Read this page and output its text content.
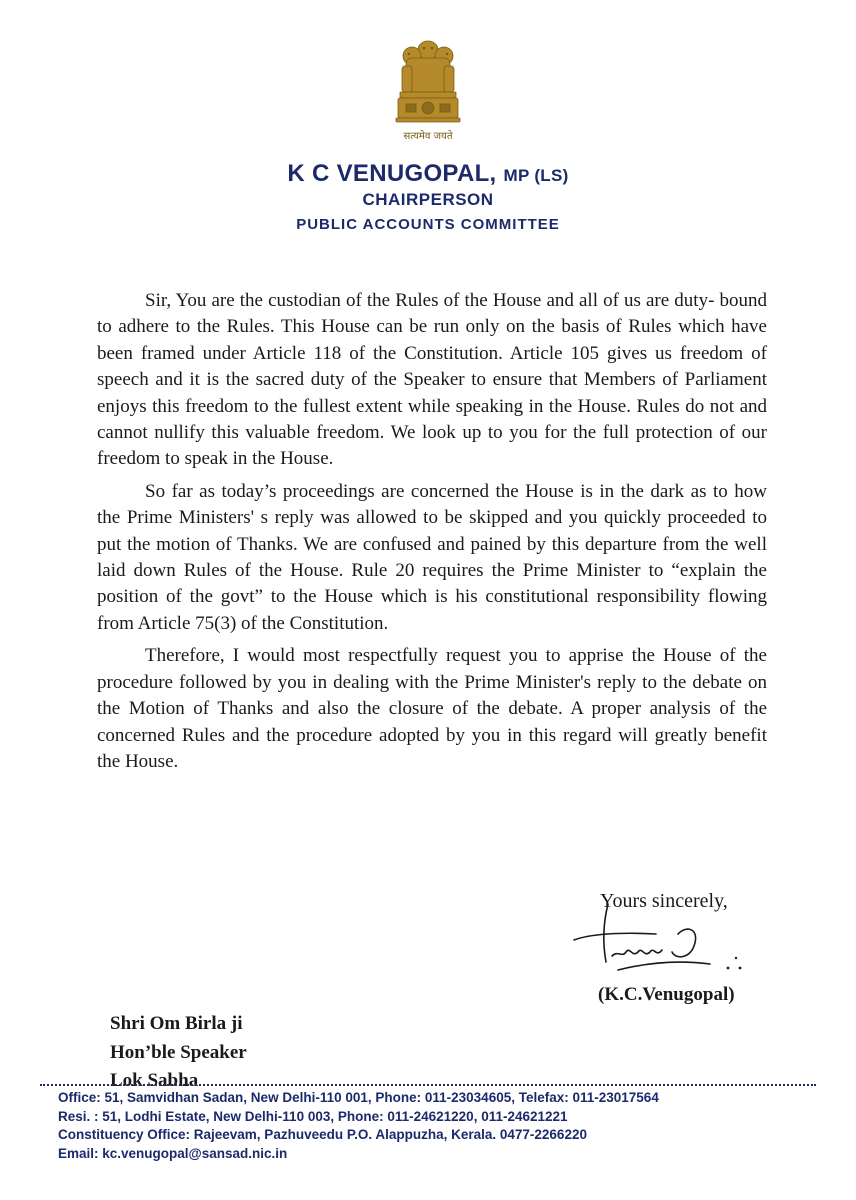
सत्यमेव जयते
K C VENUGOPAL, MP (LS)
CHAIRPERSON
PUBLIC ACCOUNTS COMMITTEE

Sir, You are the custodian of the Rules of the House and all of us are duty- bound to adhere to the Rules. This House can be run only on the basis of Rules which have been framed under Article 118 of the Constitution. Article 105 gives us freedom of speech and it is the sacred duty of the Speaker to ensure that Members of Parliament enjoys this freedom to the fullest extent while speaking in the House. Rules do not and cannot nullify this valuable freedom. We look up to you for the full protection of our freedom to speak in the House.

So far as today’s proceedings are concerned the House is in the dark as to how the Prime Ministers' s reply was allowed to be skipped and you quickly proceeded to put the motion of Thanks. We are confused and pained by this departure from the well laid down Rules of the House. Rule 20 requires the Prime Minister to “explain the position of the govt” to the House which is his constitutional responsibility flowing from Article 75(3) of the Constitution.

Therefore, I would most respectfully request you to apprise the House of the procedure followed by you in dealing with the Prime Minister's reply to the debate on the Motion of Thanks and also the closure of the debate. A proper analysis of the concerned Rules and the procedure adopted by you in this regard will greatly benefit the House.

Yours sincerely,
(K.C.Venugopal)
Shri Om Birla ji
Hon’ble Speaker
Lok Sabha
Office: 51, Samvidhan Sadan, New Delhi-110 001, Phone: 011-23034605, Telefax: 011-23017564
Resi. : 51, Lodhi Estate, New Delhi-110 003, Phone: 011-24621220, 011-24621221
Constituency Office: Rajeevam, Pazhuveedu P.O. Alappuzha, Kerala. 0477-2266220
Email: kc.venugopal@sansad.nic.in
